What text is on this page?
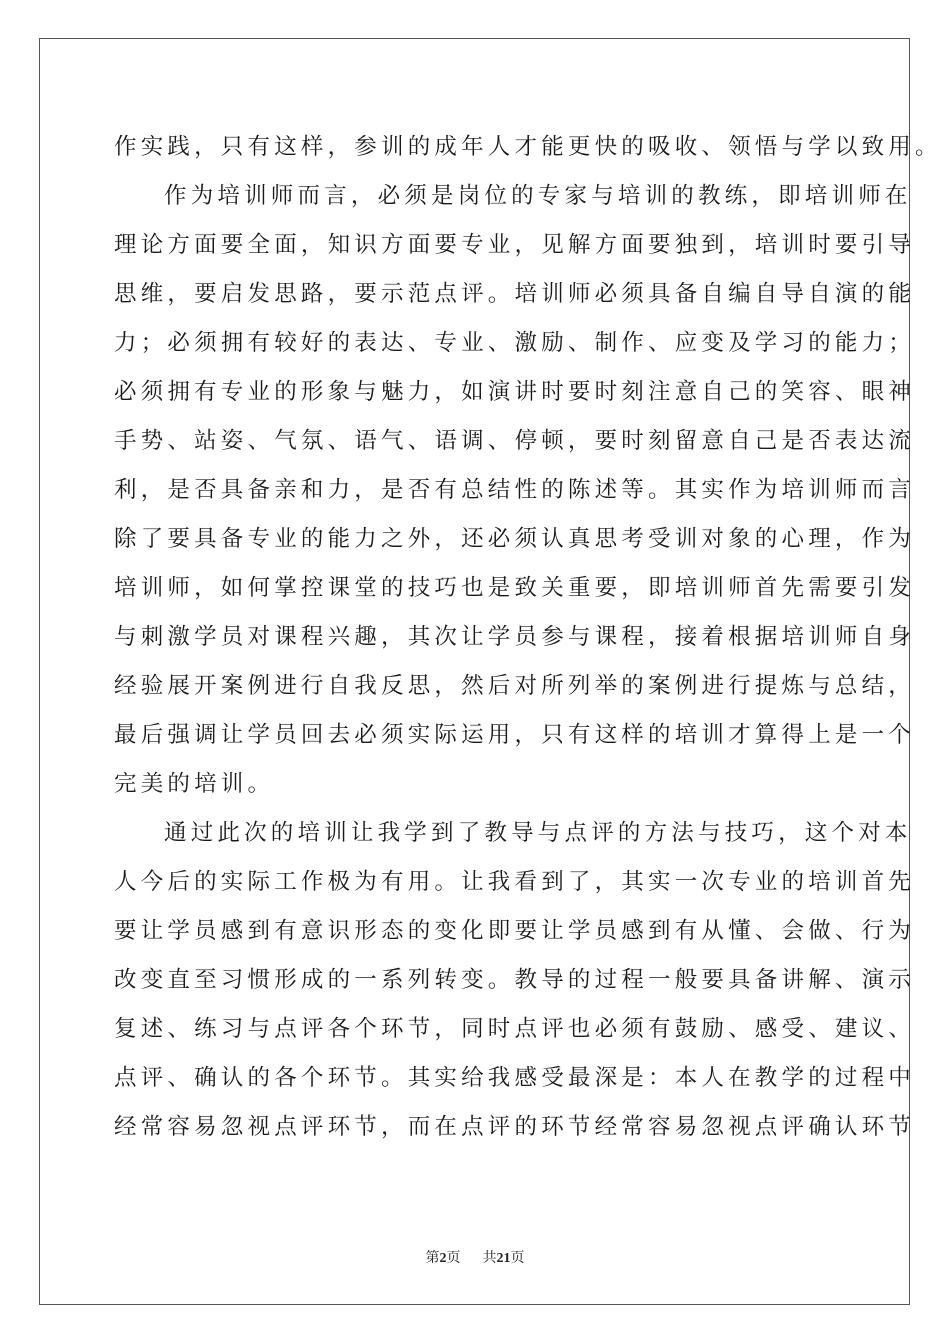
作实践，只有这样，参训的成年人才能更快的吸收、领悟与学以致用。
作为培训师而言，必须是岗位的专家与培训的教练，即培训师在
理论方面要全面，知识方面要专业，见解方面要独到，培训时要引导
思维，要启发思路，要示范点评。培训师必须具备自编自导自演的能
力；必须拥有较好的表达、专业、激励、制作、应变及学习的能力；
必须拥有专业的形象与魅力，如演讲时要时刻注意自己的笑容、眼神
手势、站姿、气氛、语气、语调、停顿，要时刻留意自己是否表达流
利，是否具备亲和力，是否有总结性的陈述等。其实作为培训师而言
除了要具备专业的能力之外，还必须认真思考受训对象的心理，作为
培训师，如何掌控课堂的技巧也是致关重要，即培训师首先需要引发
与刺激学员对课程兴趣，其次让学员参与课程，接着根据培训师自身
经验展开案例进行自我反思，然后对所列举的案例进行提炼与总结，
最后强调让学员回去必须实际运用，只有这样的培训才算得上是一个
完美的培训。
通过此次的培训让我学到了教导与点评的方法与技巧，这个对本
人今后的实际工作极为有用。让我看到了，其实一次专业的培训首先
要让学员感到有意识形态的变化即要让学员感到有从懂、会做、行为
改变直至习惯形成的一系列转变。教导的过程一般要具备讲解、演示
复述、练习与点评各个环节，同时点评也必须有鼓励、感受、建议、
点评、确认的各个环节。其实给我感受最深是：本人在教学的过程中
经常容易忽视点评环节，而在点评的环节经常容易忽视点评确认环节
第2页 共21页
